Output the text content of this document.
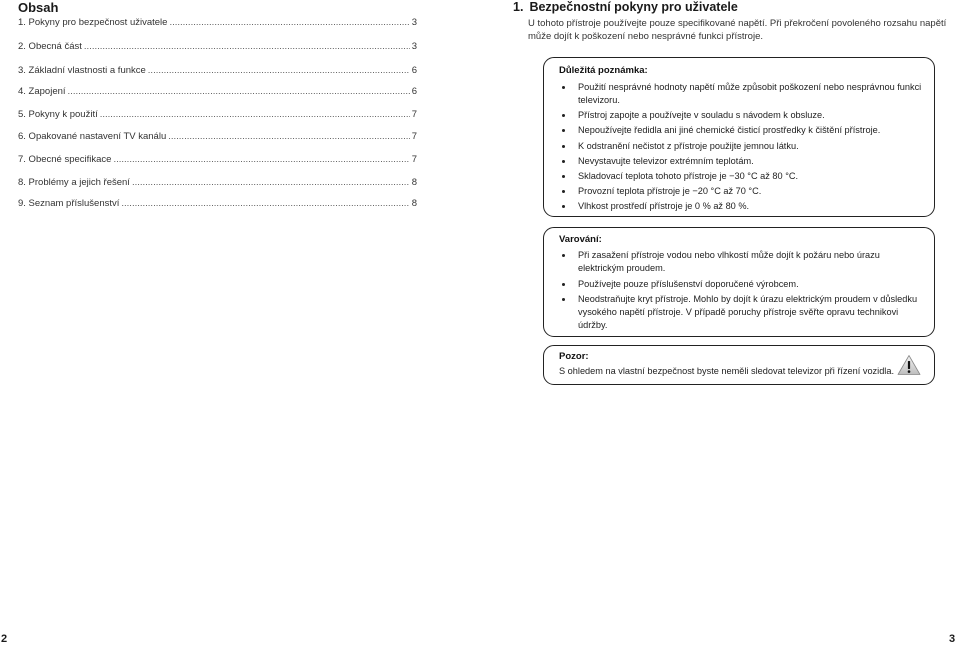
Obsah
1. Pokyny pro bezpečnost uživatele .....	3
2. Obecná část .....	3
3. Základní vlastnosti a funkce .....	6
4. Zapojení .....	6
5. Pokyny k použití .....	7
6. Opakované nastavení TV kanálu .....	7
7. Obecné specifikace .....	7
8. Problémy a jejich řešení .....	8
9. Seznam příslušenství .....	8
1. Bezpečnostní pokyny pro uživatele

U tohoto přístroje používejte pouze specifikované napětí. Při překročení povoleného rozsahu napětí může dojít k poškození nebo nesprávné funkci přístroje.

Důležitá poznámka:

Použití nesprávné hodnoty napětí může způsobit poškození nebo nesprávnou funkci televizoru.
Přístroj zapojte a používejte v souladu s návodem k obsluze.
Nepoužívejte ředidla ani jiné chemické čisticí prostředky k čištění přístroje.
K odstranění nečistot z přístroje použijte jemnou látku.
Nevystavujte televizor extrémním teplotám.
Skladovací teplota tohoto přístroje je −30 °C až 80 °C.
Provozní teplota přístroje je −20 °C až 70 °C.
Vlhkost prostředí přístroje je 0 % až 80 %.

Varování:

Při zasažení přístroje vodou nebo vlhkostí může dojít k požáru nebo úrazu elektrickým proudem.
Používejte pouze příslušenství doporučené výrobcem.
Neodstraňujte kryt přístroje. Mohlo by dojít k úrazu elektrickým proudem v důsledku vysokého napětí přístroje. V případě poruchy přístroje svěřte opravu technikovi údržby.

Pozor:

S ohledem na vlastní bezpečnost byste neměli sledovat televizor při řízení vozidla.

2	3
